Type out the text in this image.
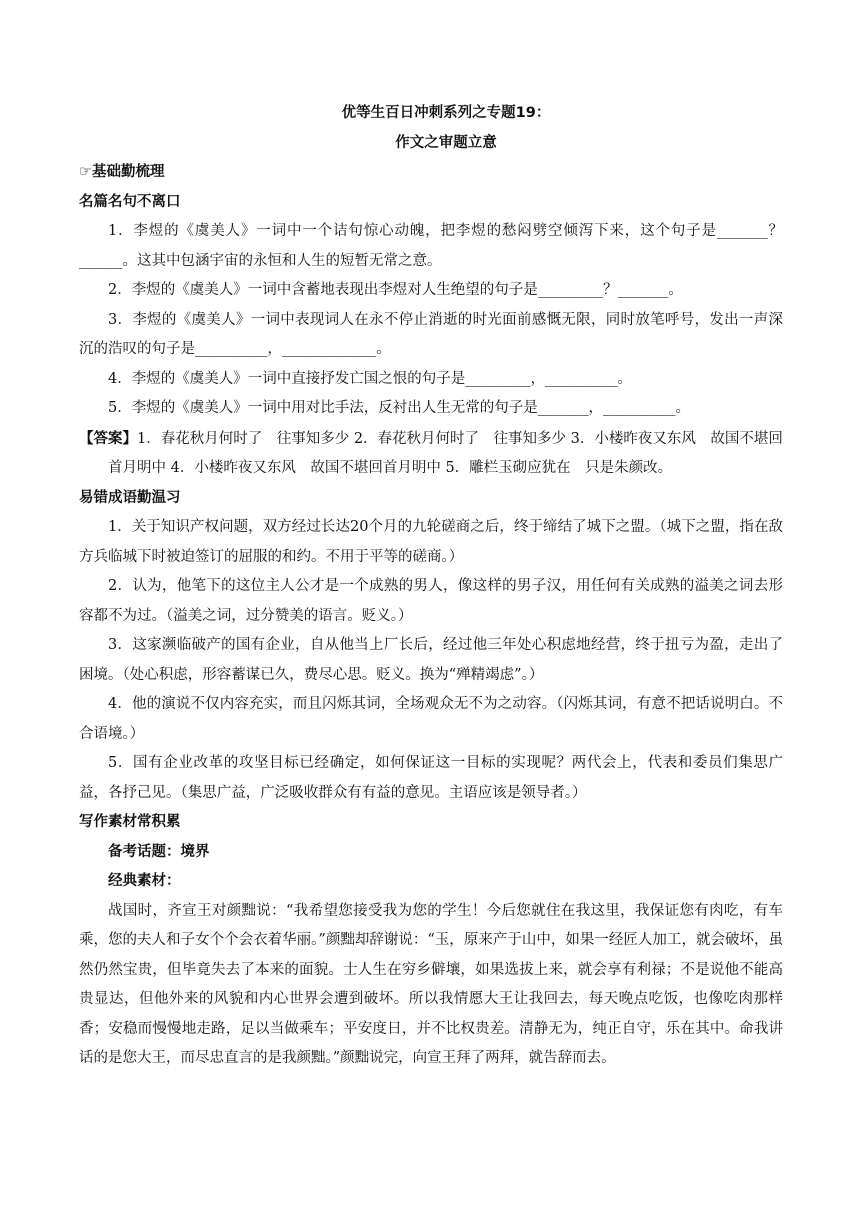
优等生百日冲刺系列之专题19：

作文之审题立意

☞基础勤梳理

名篇名句不离口

1．李煜的《虞美人》一词中一个诘句惊心动魄，把李煜的愁闷劈空倾泻下来，这个句子是_______？______。这其中包涵宇宙的永恒和人生的短暂无常之意。

2．李煜的《虞美人》一词中含蓄地表现出李煜对人生绝望的句子是_________？_______。

3．李煜的《虞美人》一词中表现词人在永不停止消逝的时光面前感慨无限，同时放笔呼号，发出一声深沉的浩叹的句子是__________，_____________。

4．李煜的《虞美人》一词中直接抒发亡国之恨的句子是_________，__________。

5．李煜的《虞美人》一词中用对比手法，反衬出人生无常的句子是_______，__________。

【答案】1．春花秋月何时了　往事知多少 2．春花秋月何时了　往事知多少 3．小楼昨夜又东风　故国不堪回首月明中 4．小楼昨夜又东风　故国不堪回首月明中 5．雕栏玉砌应犹在　只是朱颜改。

易错成语勤温习

1．关于知识产权问题，双方经过长达20个月的九轮磋商之后，终于缔结了城下之盟。（城下之盟，指在敌方兵临城下时被迫签订的屈服的和约。不用于平等的磋商。）

2．认为，他笔下的这位主人公才是一个成熟的男人，像这样的男子汉，用任何有关成熟的溢美之词去形容都不为过。（溢美之词，过分赞美的语言。贬义。）

3．这家濒临破产的国有企业，自从他当上厂长后，经过他三年处心积虑地经营，终于扭亏为盈，走出了困境。（处心积虑，形容蓄谋已久，费尽心思。贬义。换为“殚精竭虑”。）

4．他的演说不仅内容充实，而且闪烁其词，全场观众无不为之动容。（闪烁其词，有意不把话说明白。不合语境。）

5．国有企业改革的攻坚目标已经确定，如何保证这一目标的实现呢？两代会上，代表和委员们集思广益，各抒己见。（集思广益，广泛吸收群众有有益的意见。主语应该是领导者。）

写作素材常积累

备考话题：境界

经典素材：

战国时，齐宣王对颜黜说：“我希望您接受我为您的学生！今后您就住在我这里，我保证您有肉吃，有车乘，您的夫人和子女个个会衣着华丽。”颜黜却辞谢说：“玉，原来产于山中，如果一经匠人加工，就会破坏，虽然仍然宝贵，但毕竟失去了本来的面貌。士人生在穷乡僻壤，如果选拔上来，就会享有利禄；不是说他不能高贵显达，但他外来的风貌和内心世界会遭到破坏。所以我情愿大王让我回去，每天晚点吃饭，也像吃肉那样香；安稳而慢慢地走路，足以当做乘车；平安度日，并不比权贵差。清静无为，纯正自守，乐在其中。命我讲话的是您大王，而尽忠直言的是我颜黜。”颜黜说完，向宣王拜了两拜，就告辞而去。
